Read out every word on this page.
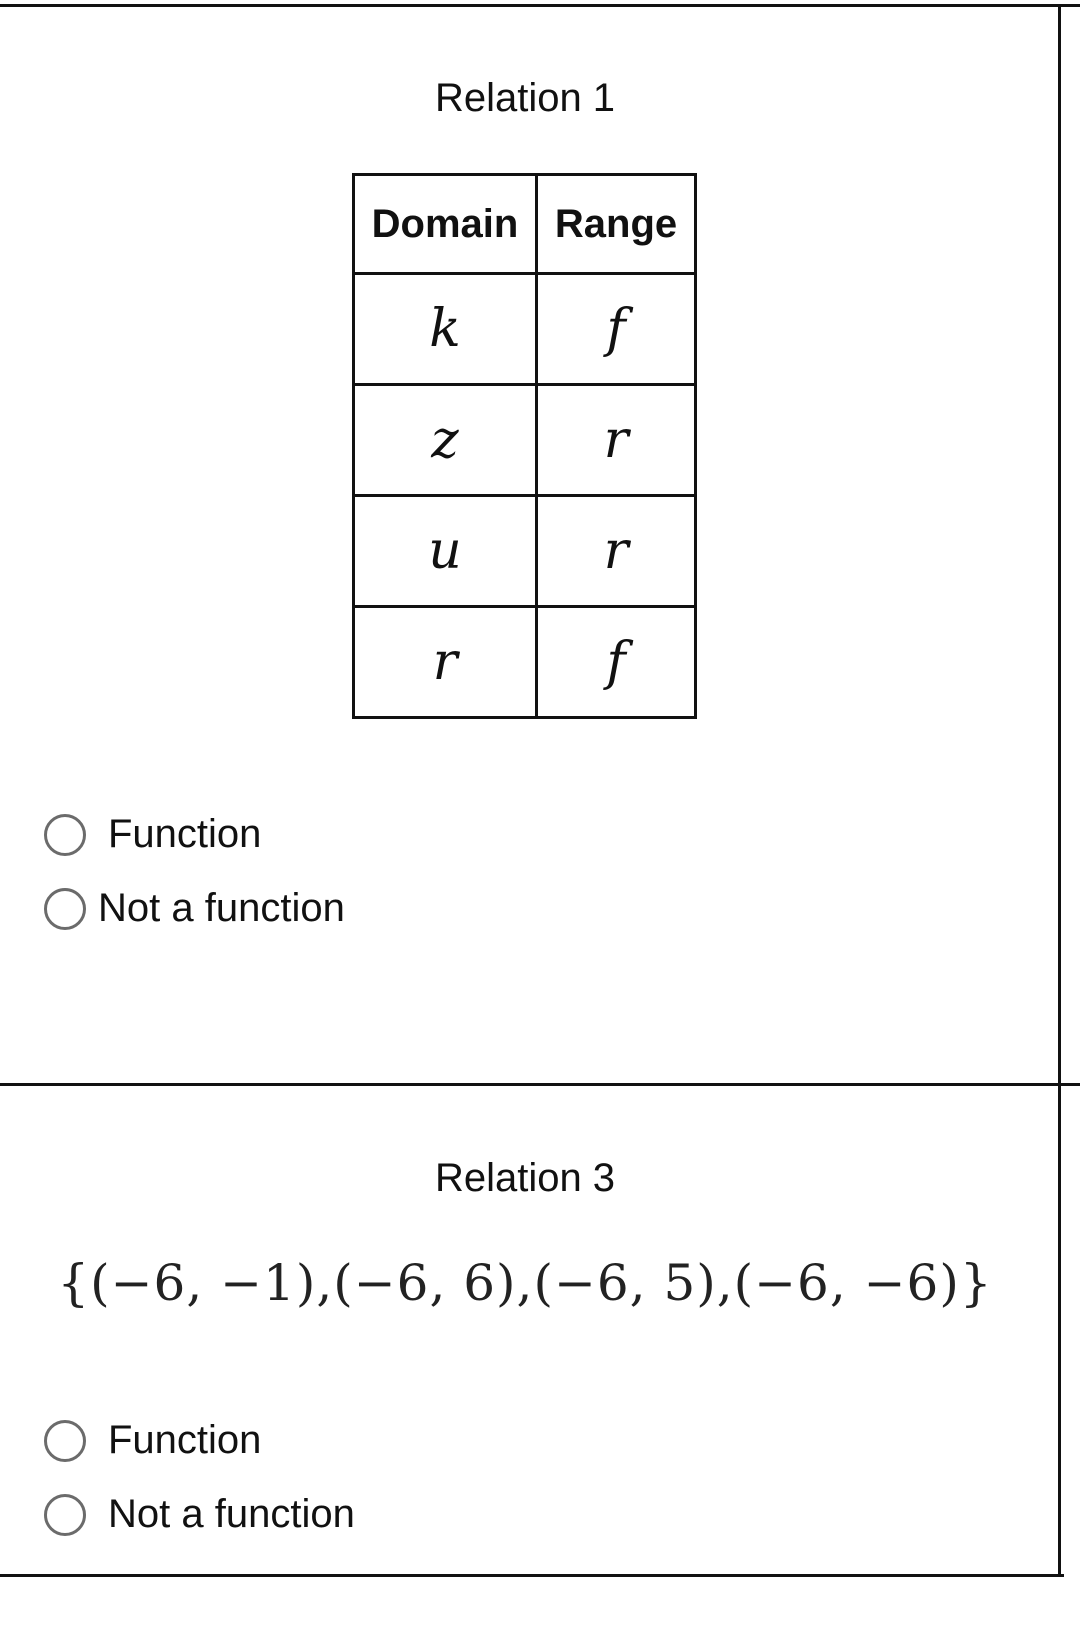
Relation 1
Domain	Range
k	f
z	r
u	r
r	f
Function
Not a function
Relation 3
{(−6, −1),(−6, 6),(−6, 5),(−6, −6)}
Function
Not a function
